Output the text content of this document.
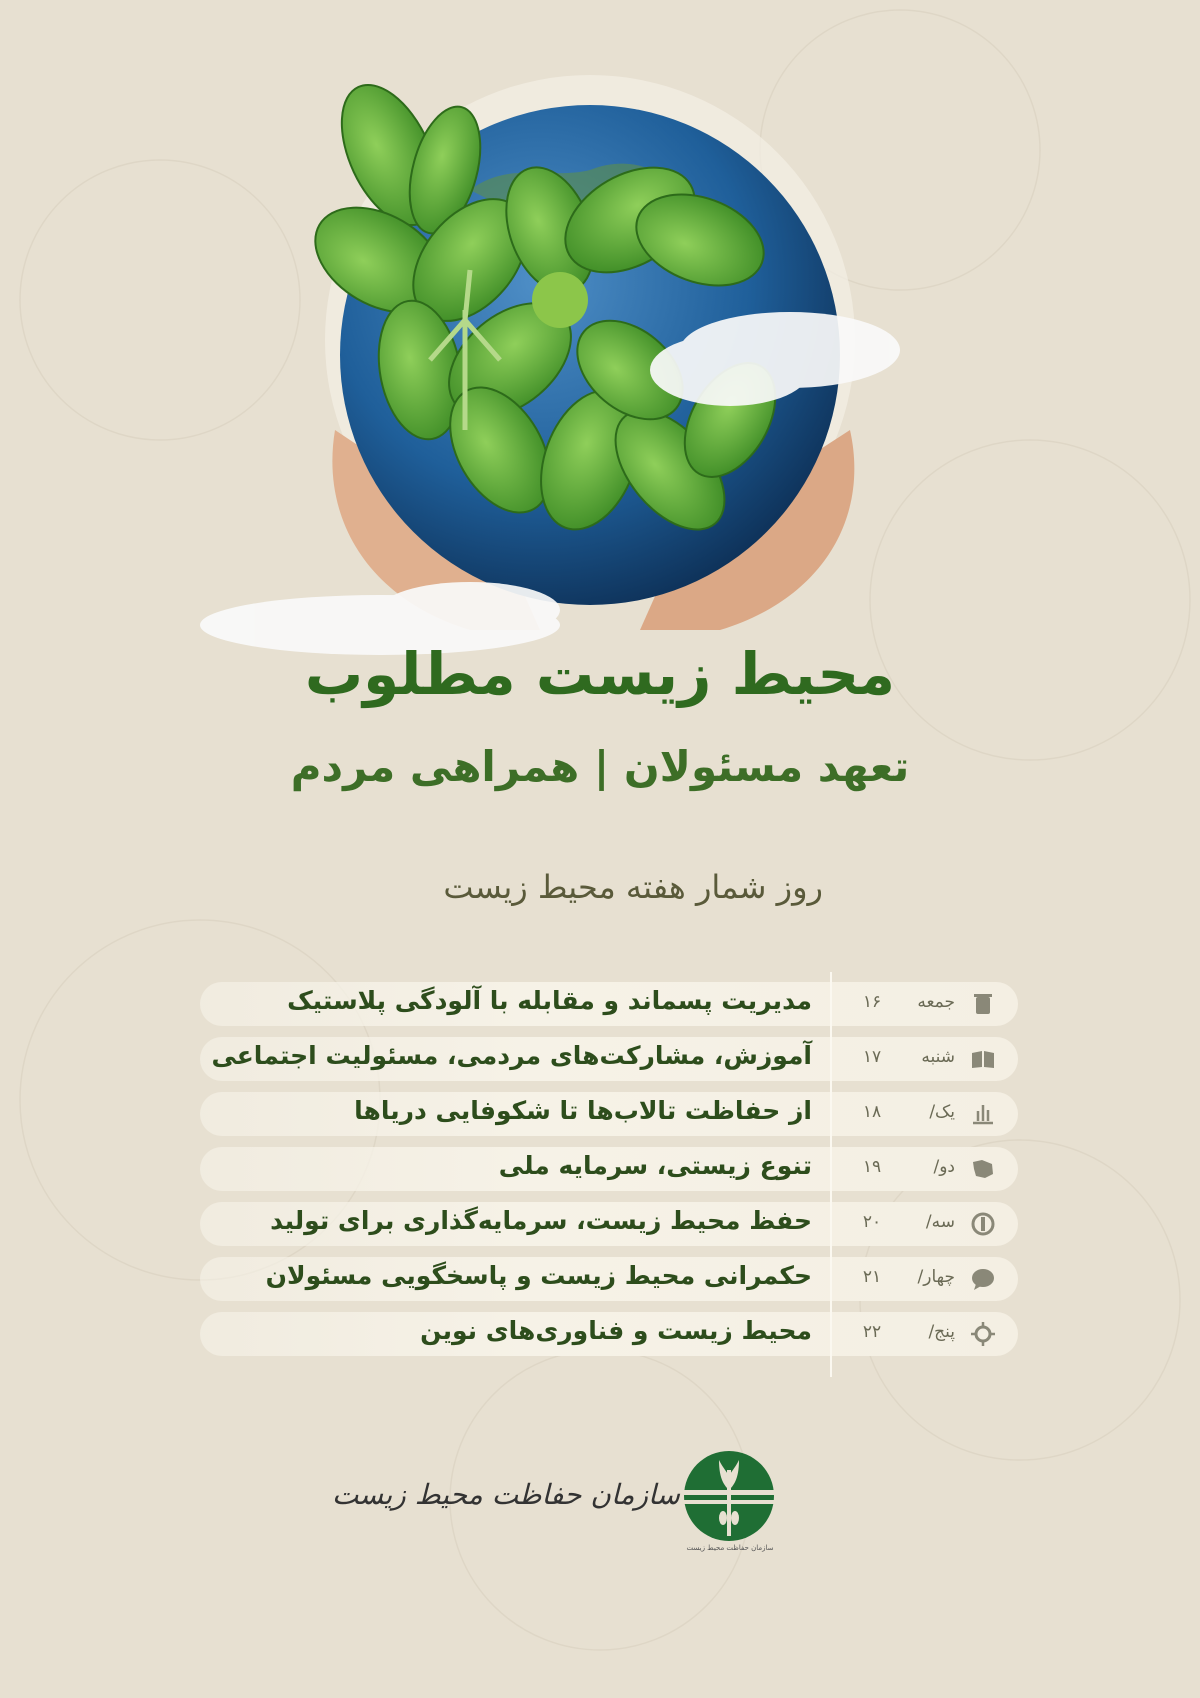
محیط زیست مطلوب
تعهد مسئولان | همراهی مردم
روز شمار هفته محیط زیست
مدیریت پسماند و مقابله با آلودگی پلاستیک	۱۶	جمعه
آموزش، مشارکت‌های مردمی، مسئولیت اجتماعی	۱۷	شنبه
از حفاظت تالاب‌ها تا شکوفایی دریاها	۱۸	یک/
تنوع زیستی، سرمایه ملی	۱۹	دو/
حفظ محیط زیست، سرمایه‌گذاری برای تولید	۲۰	سه/
حکمرانی محیط زیست و پاسخگویی مسئولان	۲۱	چهار/
محیط زیست و فناوری‌های نوین	۲۲	پنج/
سازمان حفاظت محیط زیست
سازمان حفاظت محیط زیست
